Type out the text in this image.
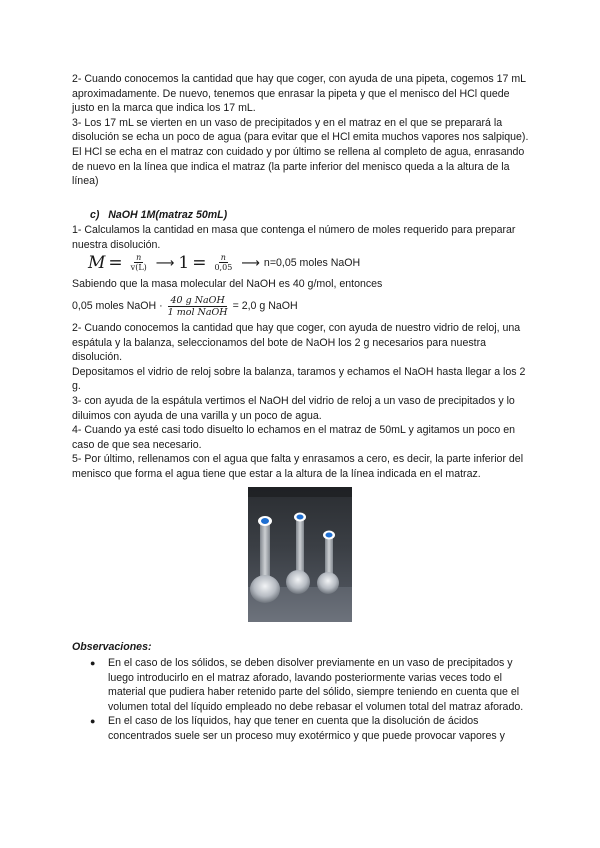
2- Cuando conocemos la cantidad que hay que coger, con ayuda de una pipeta, cogemos 17 mL aproximadamente. De nuevo, tenemos que enrasar la pipeta y que el menisco del HCl quede justo en la marca que indica los 17 mL.

3- Los 17 mL se vierten en un vaso de precipitados y en el matraz en el que se preparará la disolución se echa un poco de agua (para evitar que el HCl emita muchos vapores nos salpique). El HCl se echa en el matraz con cuidado y por último se rellena al completo de agua, enrasando de nuevo en la línea que indica el matraz (la parte inferior del menisco queda a la altura de la línea)

c) NaOH 1M(matraz 50mL)

1- Calculamos la cantidad en masa que contenga el número de moles requerido para preparar nuestra disolución.

$M = \frac{n}{v(L)}$ ⟶ $1 = \frac{n}{0,05}$ ⟶ n=0,05 moles NaOH

Sabiendo que la masa molecular del NaOH es 40 g/mol, entonces

0,05 moles NaOH · $\frac{\text{40 g NaOH}}{\text{1 mol NaOH}} = 2,0$ g NaOH

2- Cuando conocemos la cantidad que hay que coger, con ayuda de nuestro vidrio de reloj, una espátula y la balanza, seleccionamos del bote de NaOH los 2 g necesarios para nuestra disolución.

Depositamos el vidrio de reloj sobre la balanza, taramos y echamos el NaOH hasta llegar a los 2 g.

3- con ayuda de la espátula vertimos el NaOH del vidrio de reloj a un vaso de precipitados y lo diluimos con ayuda de una varilla y un poco de agua.

4- Cuando ya esté casi todo disuelto lo echamos en el matraz de 50mL y agitamos un poco en caso de que sea necesario.

5- Por último, rellenamos con el agua que falta y enrasamos a cero, es decir, la parte inferior del menisco que forma el agua tiene que estar a la altura de la línea indicada en el matraz.

Observaciones:
●	En el caso de los sólidos, se deben disolver previamente en un vaso de precipitados y luego introducirlo en el matraz aforado, lavando posteriormente varias veces todo el material que pudiera haber retenido parte del sólido, siempre teniendo en cuenta que el volumen total del líquido empleado no debe rebasar el volumen total del matraz aforado.
●	En el caso de los líquidos, hay que tener en cuenta que la disolución de ácidos concentrados suele ser un proceso muy exotérmico y que puede provocar vapores y
